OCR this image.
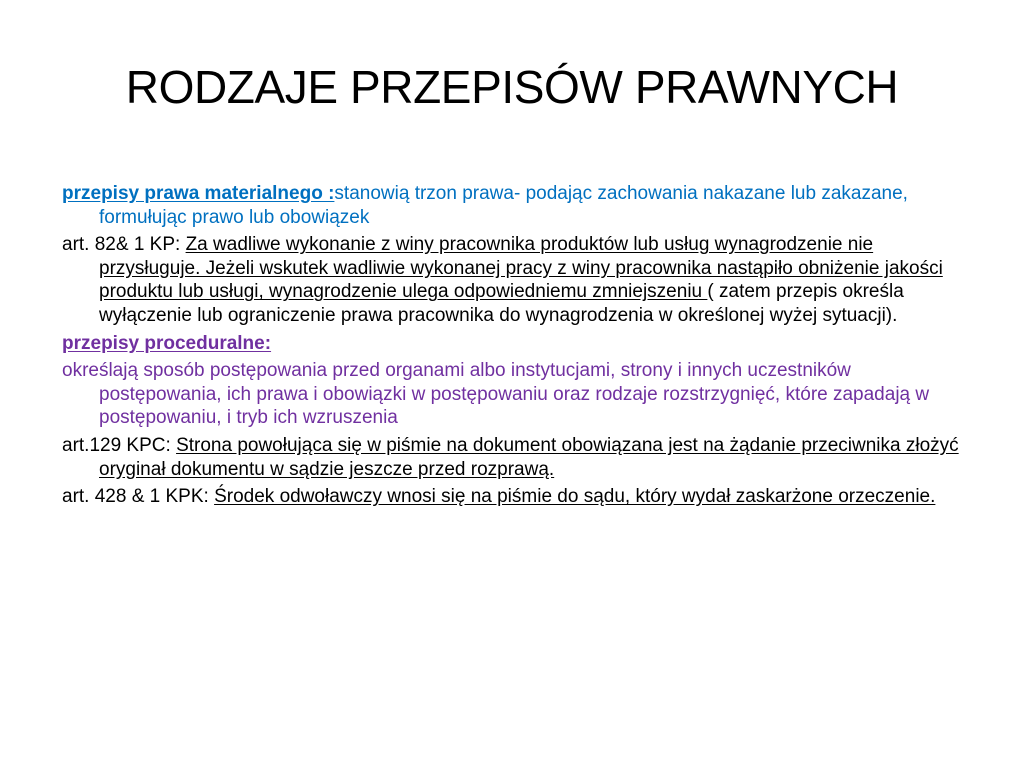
RODZAJE PRZEPISÓW PRAWNYCH

przepisy prawa materialnego :stanowią trzon prawa- podając zachowania nakazane lub zakazane, formułując prawo lub obowiązek

art. 82& 1 KP: Za wadliwe wykonanie z winy pracownika produktów lub usług wynagrodzenie nie przysługuje. Jeżeli wskutek wadliwie wykonanej pracy z winy pracownika nastąpiło obniżenie jakości produktu lub usługi, wynagrodzenie ulega odpowiedniemu zmniejszeniu ( zatem przepis określa wyłączenie lub ograniczenie prawa pracownika do wynagrodzenia w określonej wyżej sytuacji).

przepisy proceduralne:

określają sposób postępowania przed organami albo instytucjami, strony i innych uczestników postępowania, ich prawa i obowiązki w postępowaniu oraz rodzaje rozstrzygnięć, które zapadają w postępowaniu, i tryb ich wzruszenia

art.129 KPC: Strona powołująca się w piśmie na dokument obowiązana jest na żądanie przeciwnika złożyć oryginał dokumentu w sądzie jeszcze przed rozprawą.

art. 428 & 1 KPK: Środek odwoławczy wnosi się na piśmie do sądu, który wydał zaskarżone orzeczenie.
